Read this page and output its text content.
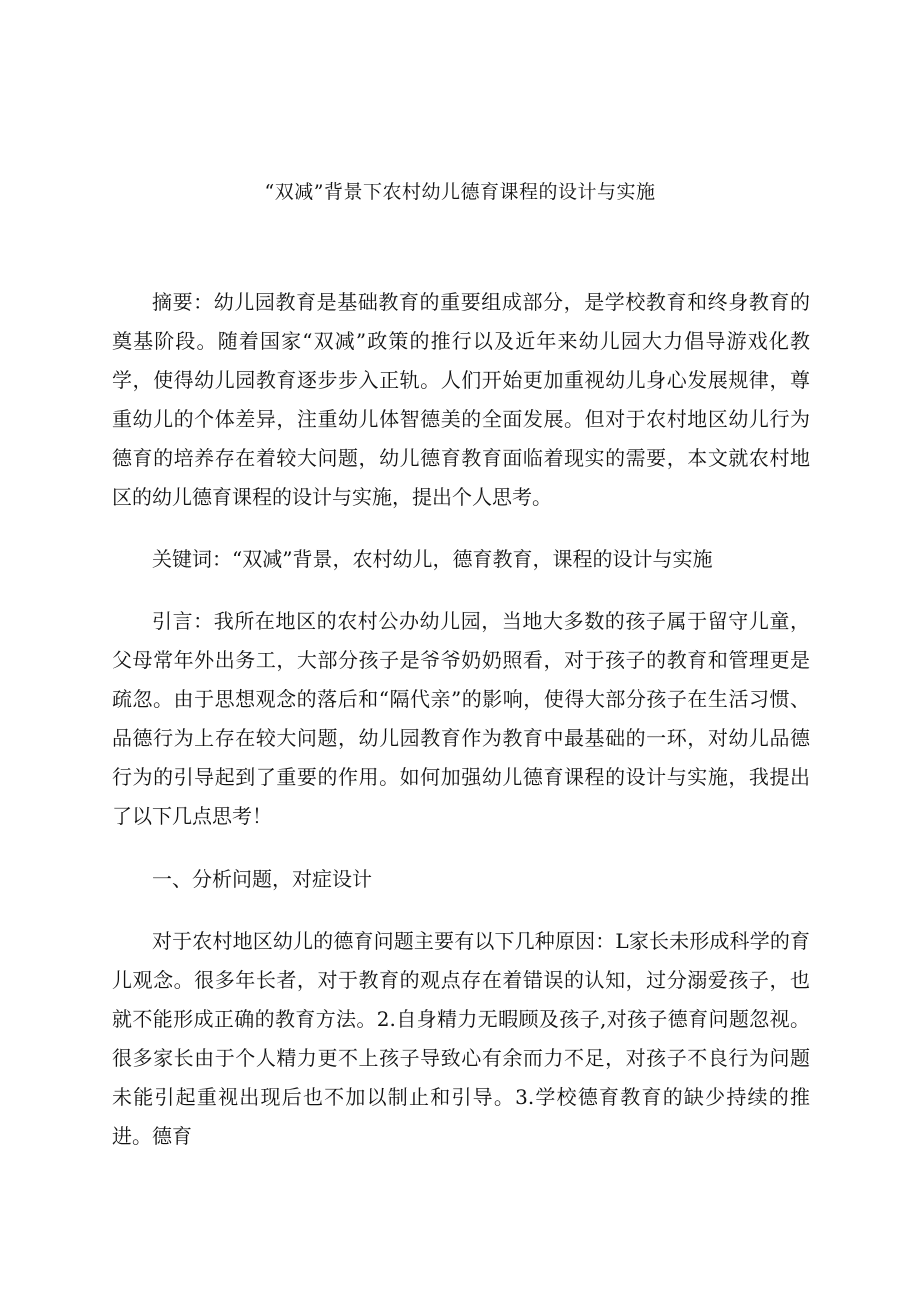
“双减”背景下农村幼儿德育课程的设计与实施

摘要：幼儿园教育是基础教育的重要组成部分，是学校教育和终身教育的奠基阶段。随着国家“双减”政策的推行以及近年来幼儿园大力倡导游戏化教学，使得幼儿园教育逐步步入正轨。人们开始更加重视幼儿身心发展规律，尊重幼儿的个体差异，注重幼儿体智德美的全面发展。但对于农村地区幼儿行为德育的培养存在着较大问题，幼儿德育教育面临着现实的需要，本文就农村地区的幼儿德育课程的设计与实施，提出个人思考。

关键词：“双减”背景，农村幼儿，德育教育，课程的设计与实施

引言：我所在地区的农村公办幼儿园，当地大多数的孩子属于留守儿童，父母常年外出务工，大部分孩子是爷爷奶奶照看，对于孩子的教育和管理更是疏忽。由于思想观念的落后和“隔代亲”的影响，使得大部分孩子在生活习惯、品德行为上存在较大问题，幼儿园教育作为教育中最基础的一环，对幼儿品德行为的引导起到了重要的作用。如何加强幼儿德育课程的设计与实施，我提出了以下几点思考！

一、分析问题，对症设计

对于农村地区幼儿的德育问题主要有以下几种原因：L家长未形成科学的育儿观念。很多年长者，对于教育的观点存在着错误的认知，过分溺爱孩子，也就不能形成正确的教育方法。2.自身精力无暇顾及孩子,对孩子德育问题忽视。很多家长由于个人精力更不上孩子导致心有余而力不足，对孩子不良行为问题未能引起重视出现后也不加以制止和引导。3.学校德育教育的缺少持续的推进。德育
